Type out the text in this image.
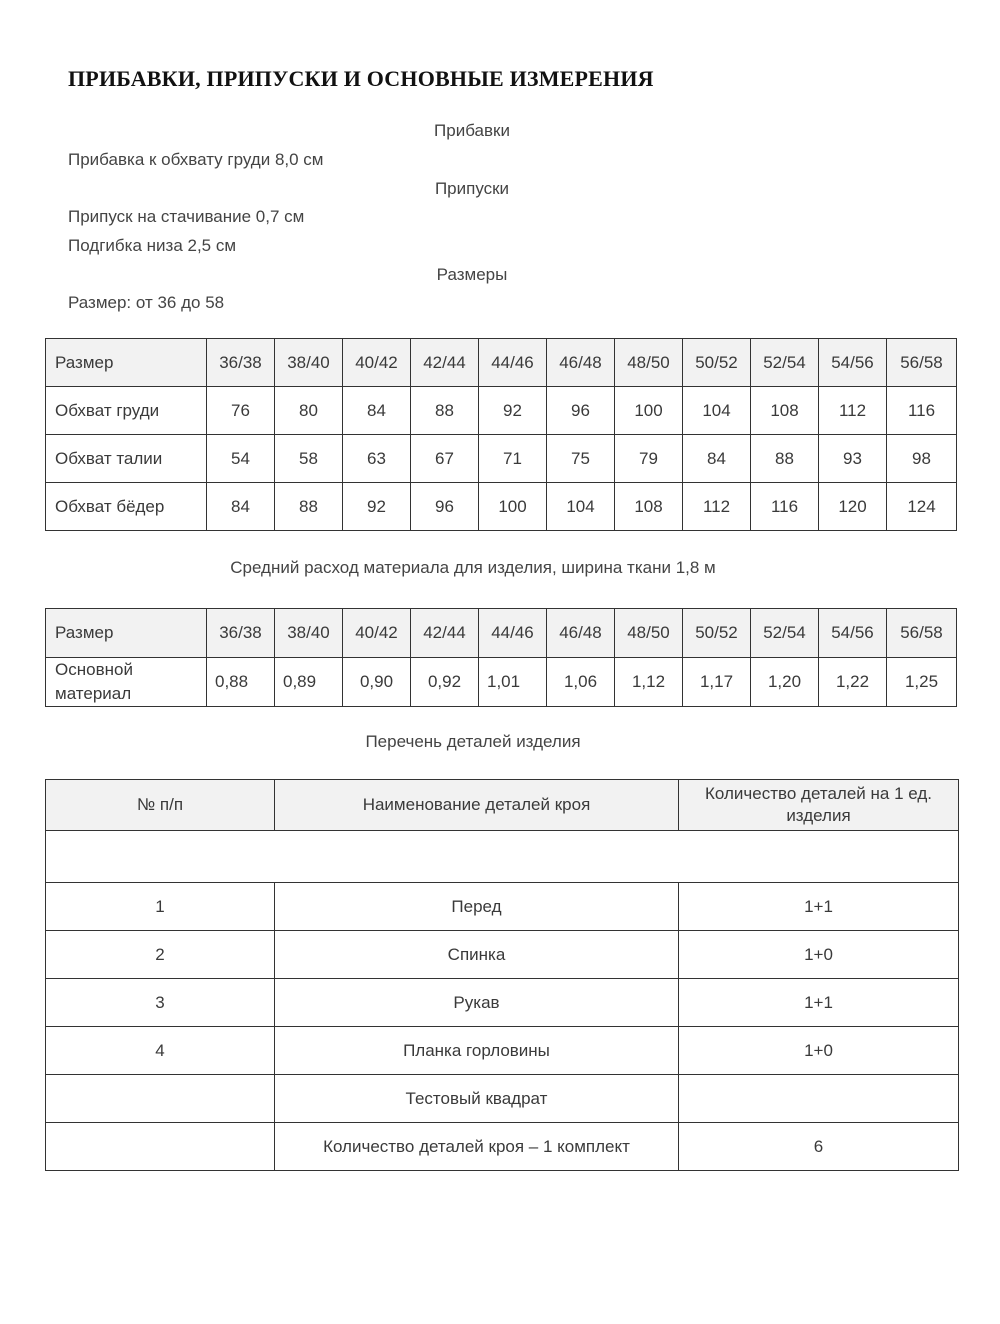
ПРИБАВКИ, ПРИПУСКИ И ОСНОВНЫЕ ИЗМЕРЕНИЯ
Прибавки
Прибавка к обхвату груди 8,0 см
Припуски
Припуск на стачивание 0,7 см
Подгибка низа 2,5 см
Размеры
Размер: от 36 до 58
Размер	36/38	38/40	40/42	42/44	44/46	46/48	48/50	50/52	52/54	54/56	56/58
Обхват груди	76	80	84	88	92	96	100	104	108	112	116
Обхват талии	54	58	63	67	71	75	79	84	88	93	98
Обхват бёдер	84	88	92	96	100	104	108	112	116	120	124
Средний расход материала для изделия, ширина ткани 1,8 м
Размер	36/38	38/40	40/42	42/44	44/46	46/48	48/50	50/52	52/54	54/56	56/58
Основной
материал	0,88	0,89	0,90	0,92	1,01	1,06	1,12	1,17	1,20	1,22	1,25
Перечень деталей изделия
№ п/п	Наименование деталей кроя	Количество деталей на 1 ед.
изделия

1	Перед	1+1
2	Спинка	1+0
3	Рукав	1+1
4	Планка горловины	1+0
	Тестовый квадрат	
	Количество деталей кроя – 1 комплект	6
